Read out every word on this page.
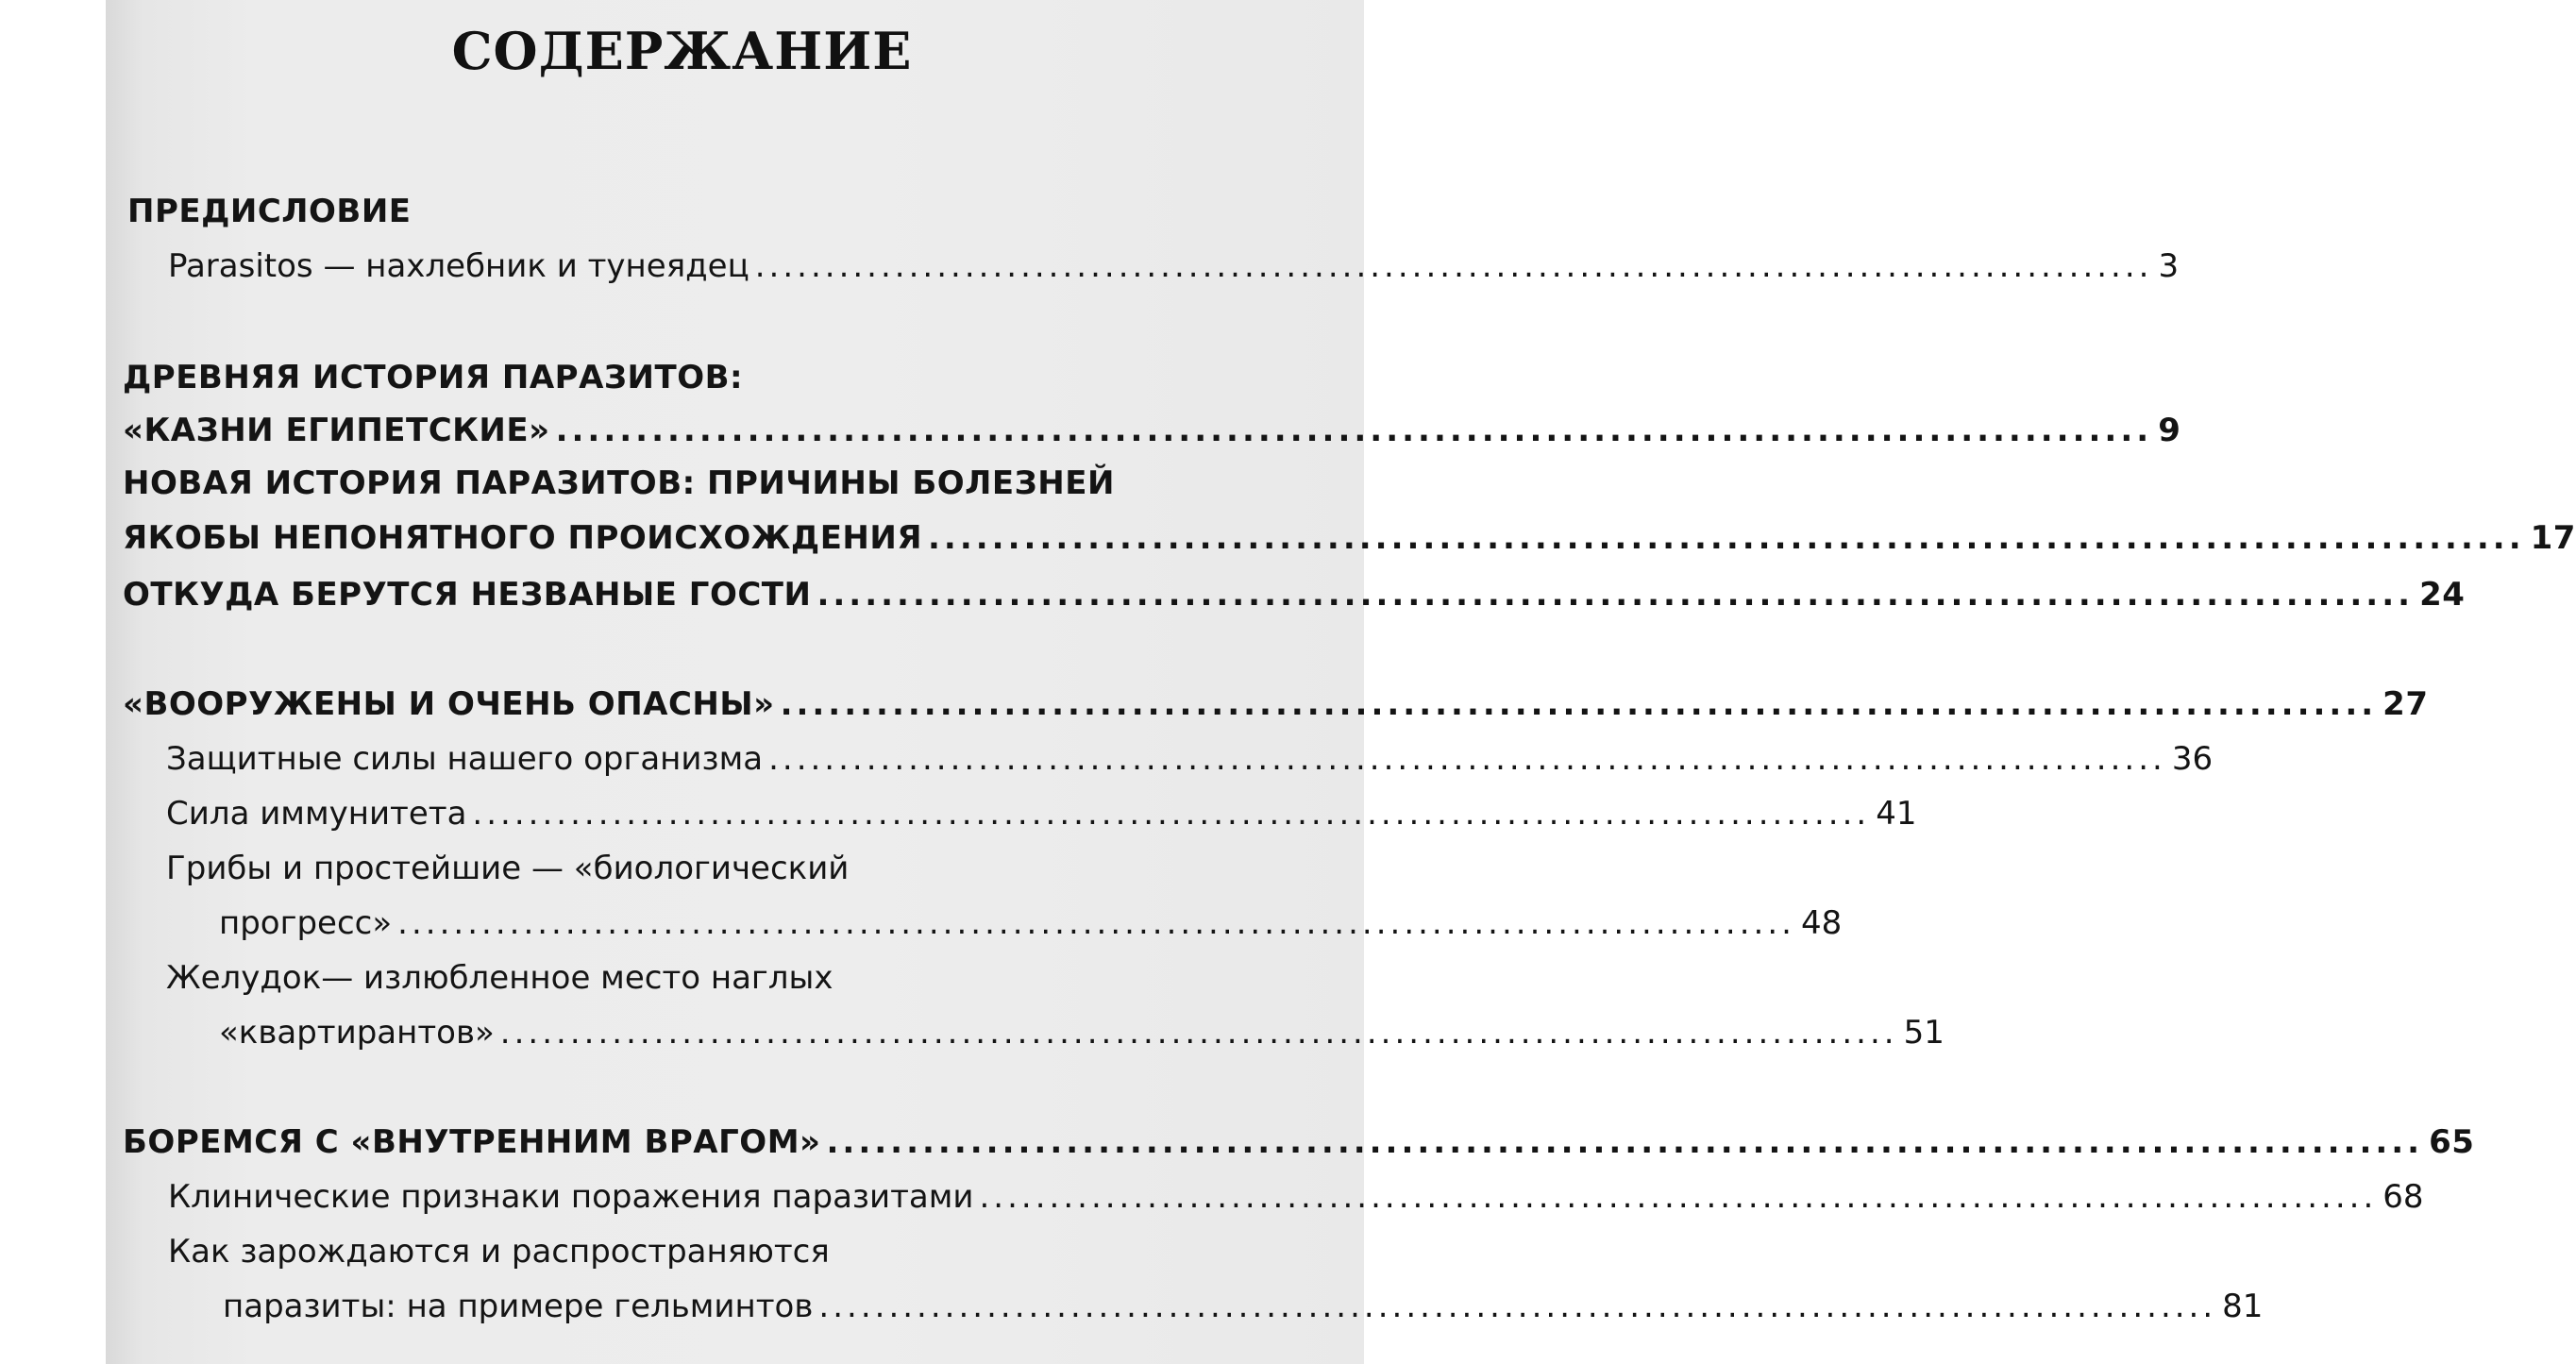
СОДЕРЖАНИЕ
ПРЕДИСЛОВИЕ
Parasitos — нахлебник и тунеядец .................................................................................................... 3
ДРЕВНЯЯ ИСТОРИЯ ПАРАЗИТОВ:
«КАЗНИ ЕГИПЕТСКИЕ» .................................................................................................... 9
НОВАЯ ИСТОРИЯ ПАРАЗИТОВ: ПРИЧИНЫ БОЛЕЗНЕЙ
ЯКОБЫ НЕПОНЯТНОГО ПРОИСХОЖДЕНИЯ .................................................................................................... 17
ОТКУДА БЕРУТСЯ НЕЗВАНЫЕ ГОСТИ .................................................................................................... 24
«ВООРУЖЕНЫ И ОЧЕНЬ ОПАСНЫ» .................................................................................................... 27
Защитные силы нашего организма .................................................................................................... 36
Сила иммунитета .................................................................................................... 41
Грибы и простейшие — «биологический
прогресс» .................................................................................................... 48
Желудок— излюбленное место наглых
«квартирантов» .................................................................................................... 51
БОРЕМСЯ С «ВНУТРЕННИМ ВРАГОМ» .................................................................................................... 65
Клинические признаки поражения паразитами .................................................................................................... 68
Как зарождаются и распространяются
паразиты: на примере гельминтов .................................................................................................... 81
